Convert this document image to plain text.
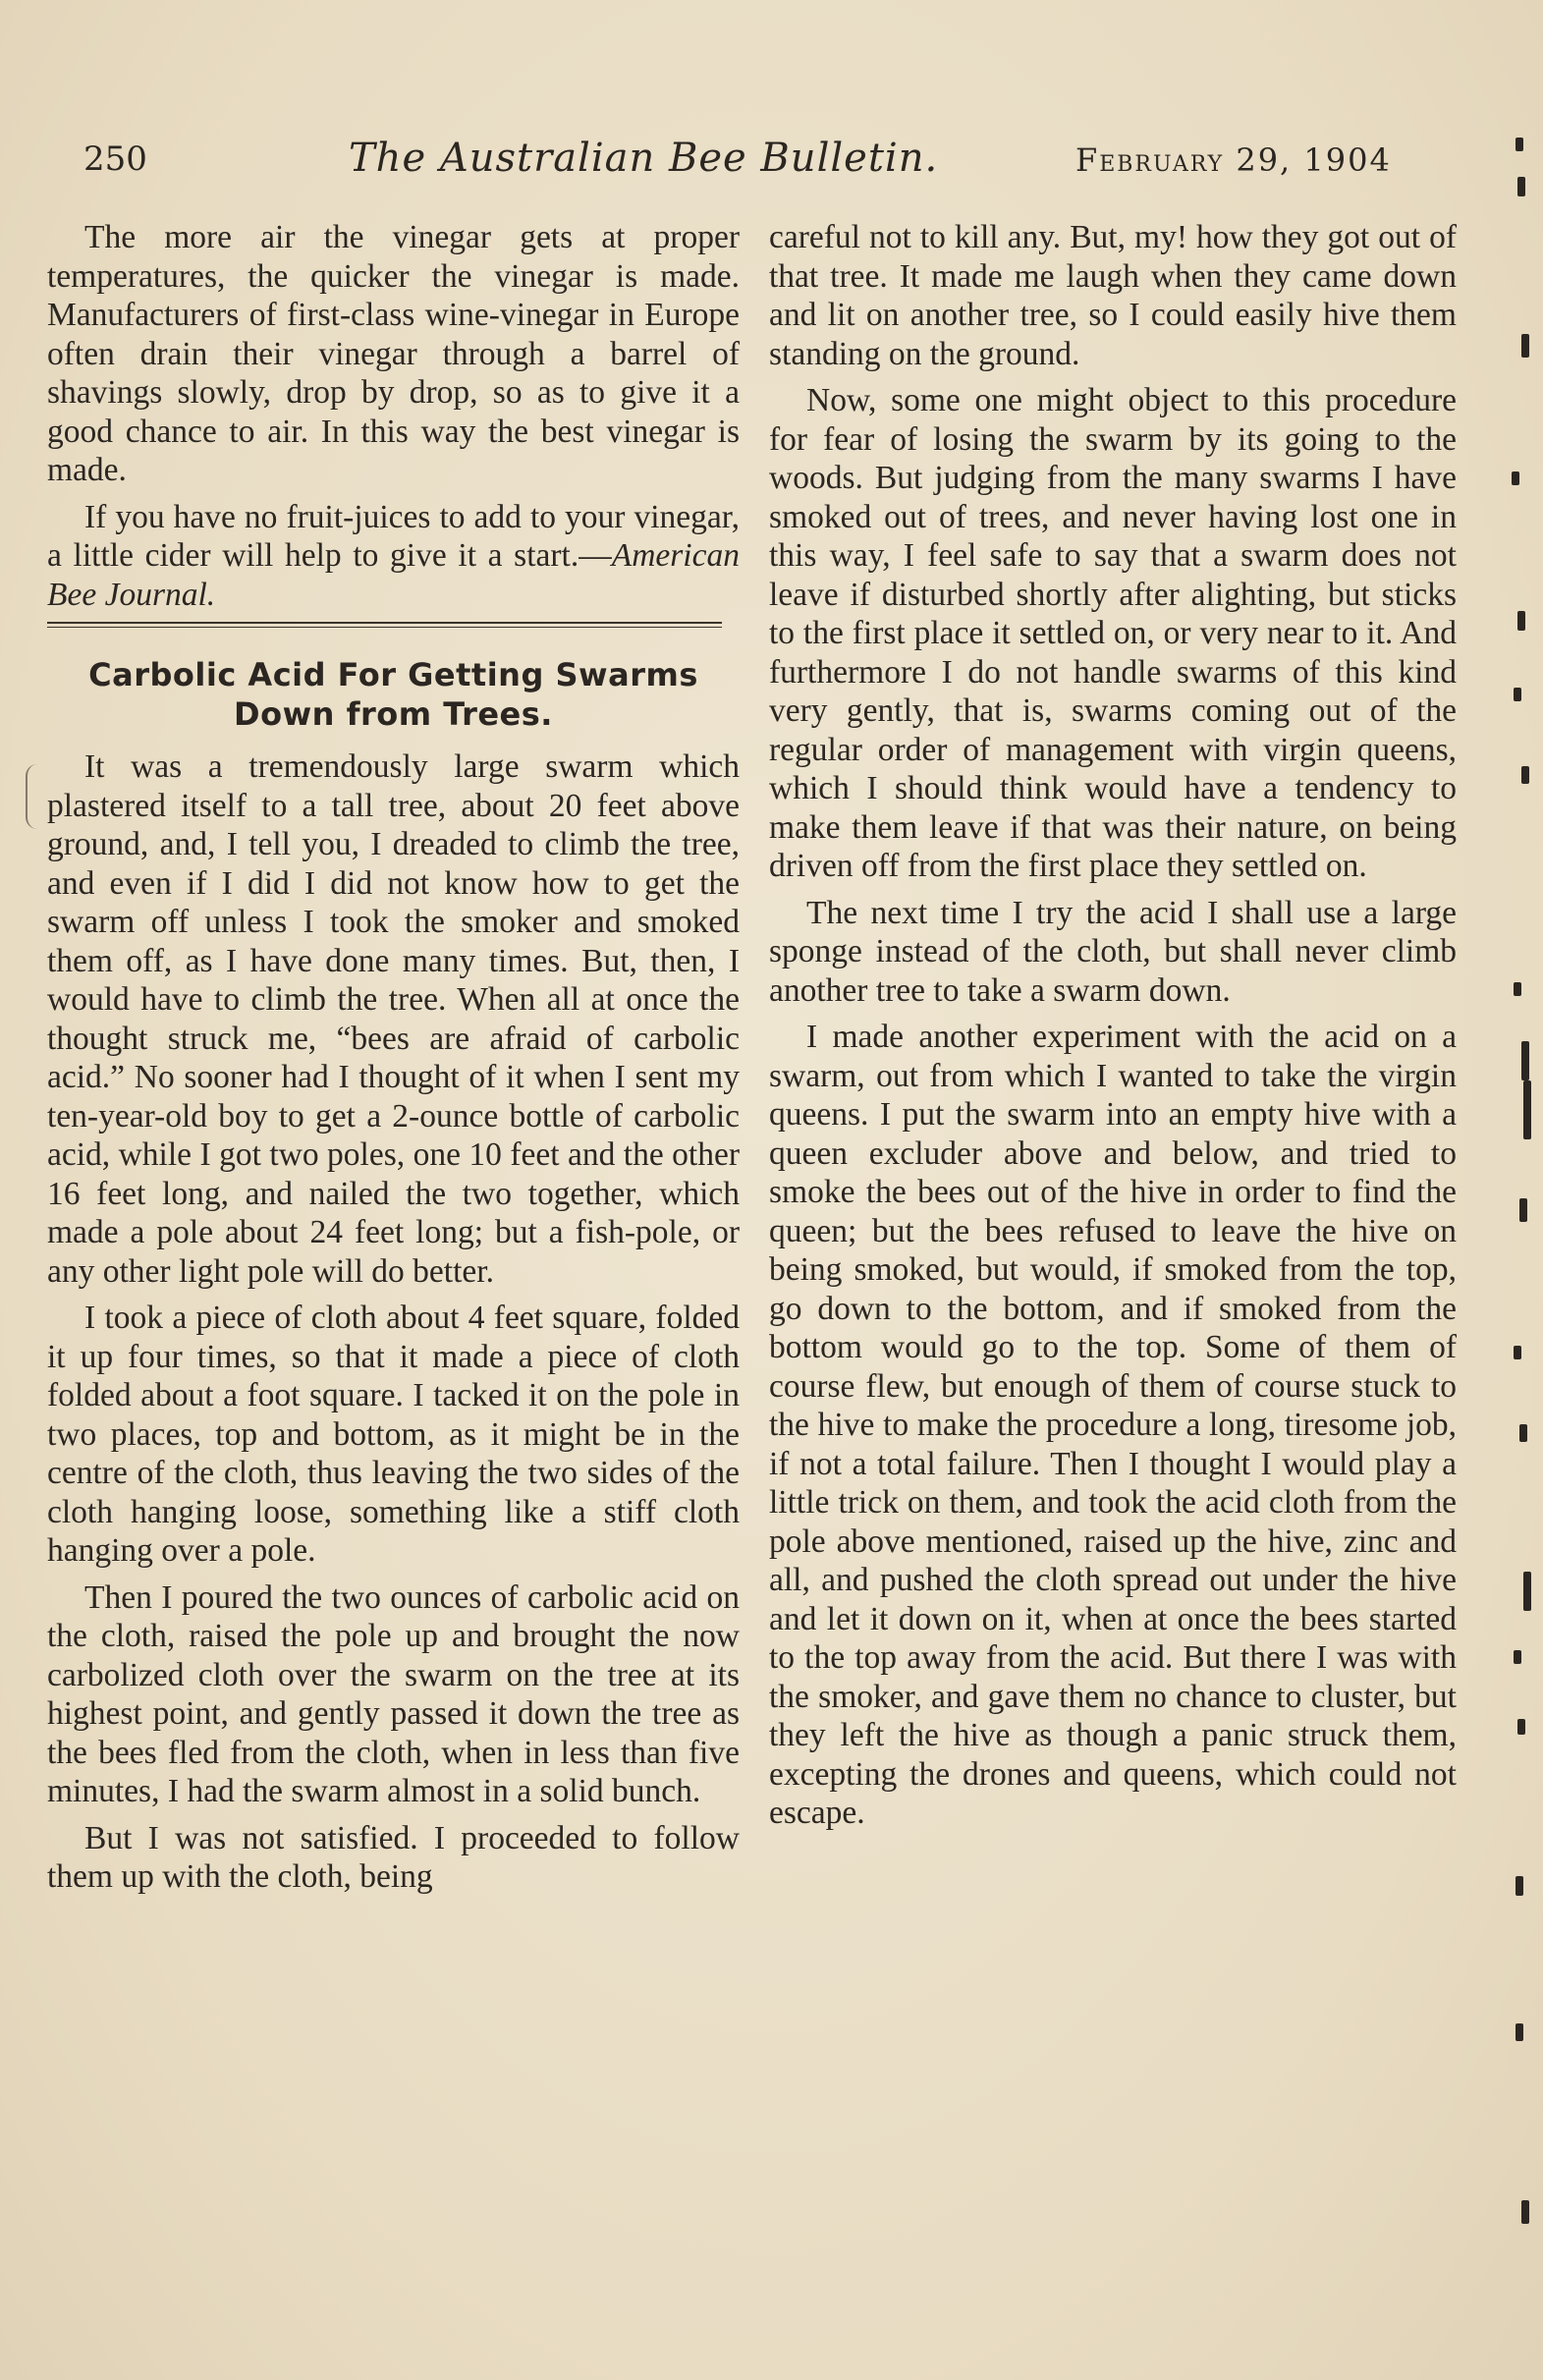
250	The Australian Bee Bulletin.	February 29, 1904

The more air the vinegar gets at proper temperatures, the quicker the vinegar is made. Manufacturers of first-class wine-vinegar in Europe often drain their vinegar through a barrel of shavings slowly, drop by drop, so as to give it a good chance to air. In this way the best vinegar is made.

If you have no fruit-juices to add to your vinegar, a little cider will help to give it a start.—American Bee Journal.

Carbolic Acid For Getting Swarms Down from Trees.

It was a tremendously large swarm which plastered itself to a tall tree, about 20 feet above ground, and, I tell you, I dreaded to climb the tree, and even if I did I did not know how to get the swarm off unless I took the smoker and smoked them off, as I have done many times. But, then, I would have to climb the tree. When all at once the thought struck me, “bees are afraid of carbolic acid.” No sooner had I thought of it when I sent my ten-year-old boy to get a 2-ounce bottle of carbolic acid, while I got two poles, one 10 feet and the other 16 feet long, and nailed the two together, which made a pole about 24 feet long; but a fish-pole, or any other light pole will do better.

I took a piece of cloth about 4 feet square, folded it up four times, so that it made a piece of cloth folded about a foot square. I tacked it on the pole in two places, top and bottom, as it might be in the centre of the cloth, thus leaving the two sides of the cloth hanging loose, something like a stiff cloth hanging over a pole.

Then I poured the two ounces of carbolic acid on the cloth, raised the pole up and brought the now carbolized cloth over the swarm on the tree at its highest point, and gently passed it down the tree as the bees fled from the cloth, when in less than five minutes, I had the swarm almost in a solid bunch.

But I was not satisfied. I proceeded to follow them up with the cloth, being

careful not to kill any. But, my! how they got out of that tree. It made me laugh when they came down and lit on another tree, so I could easily hive them standing on the ground.

Now, some one might object to this procedure for fear of losing the swarm by its going to the woods. But judging from the many swarms I have smoked out of trees, and never having lost one in this way, I feel safe to say that a swarm does not leave if disturbed shortly after alighting, but sticks to the first place it settled on, or very near to it. And furthermore I do not handle swarms of this kind very gently, that is, swarms coming out of the regular order of management with virgin queens, which I should think would have a tendency to make them leave if that was their nature, on being driven off from the first place they settled on.

The next time I try the acid I shall use a large sponge instead of the cloth, but shall never climb another tree to take a swarm down.

I made another experiment with the acid on a swarm, out from which I wanted to take the virgin queens. I put the swarm into an empty hive with a queen excluder above and below, and tried to smoke the bees out of the hive in order to find the queen; but the bees refused to leave the hive on being smoked, but would, if smoked from the top, go down to the bottom, and if smoked from the bottom would go to the top. Some of them of course flew, but enough of them of course stuck to the hive to make the procedure a long, tiresome job, if not a total failure. Then I thought I would play a little trick on them, and took the acid cloth from the pole above mentioned, raised up the hive, zinc and all, and pushed the cloth spread out under the hive and let it down on it, when at once the bees started to the top away from the acid. But there I was with the smoker, and gave them no chance to cluster, but they left the hive as though a panic struck them, excepting the drones and queens, which could not escape.
